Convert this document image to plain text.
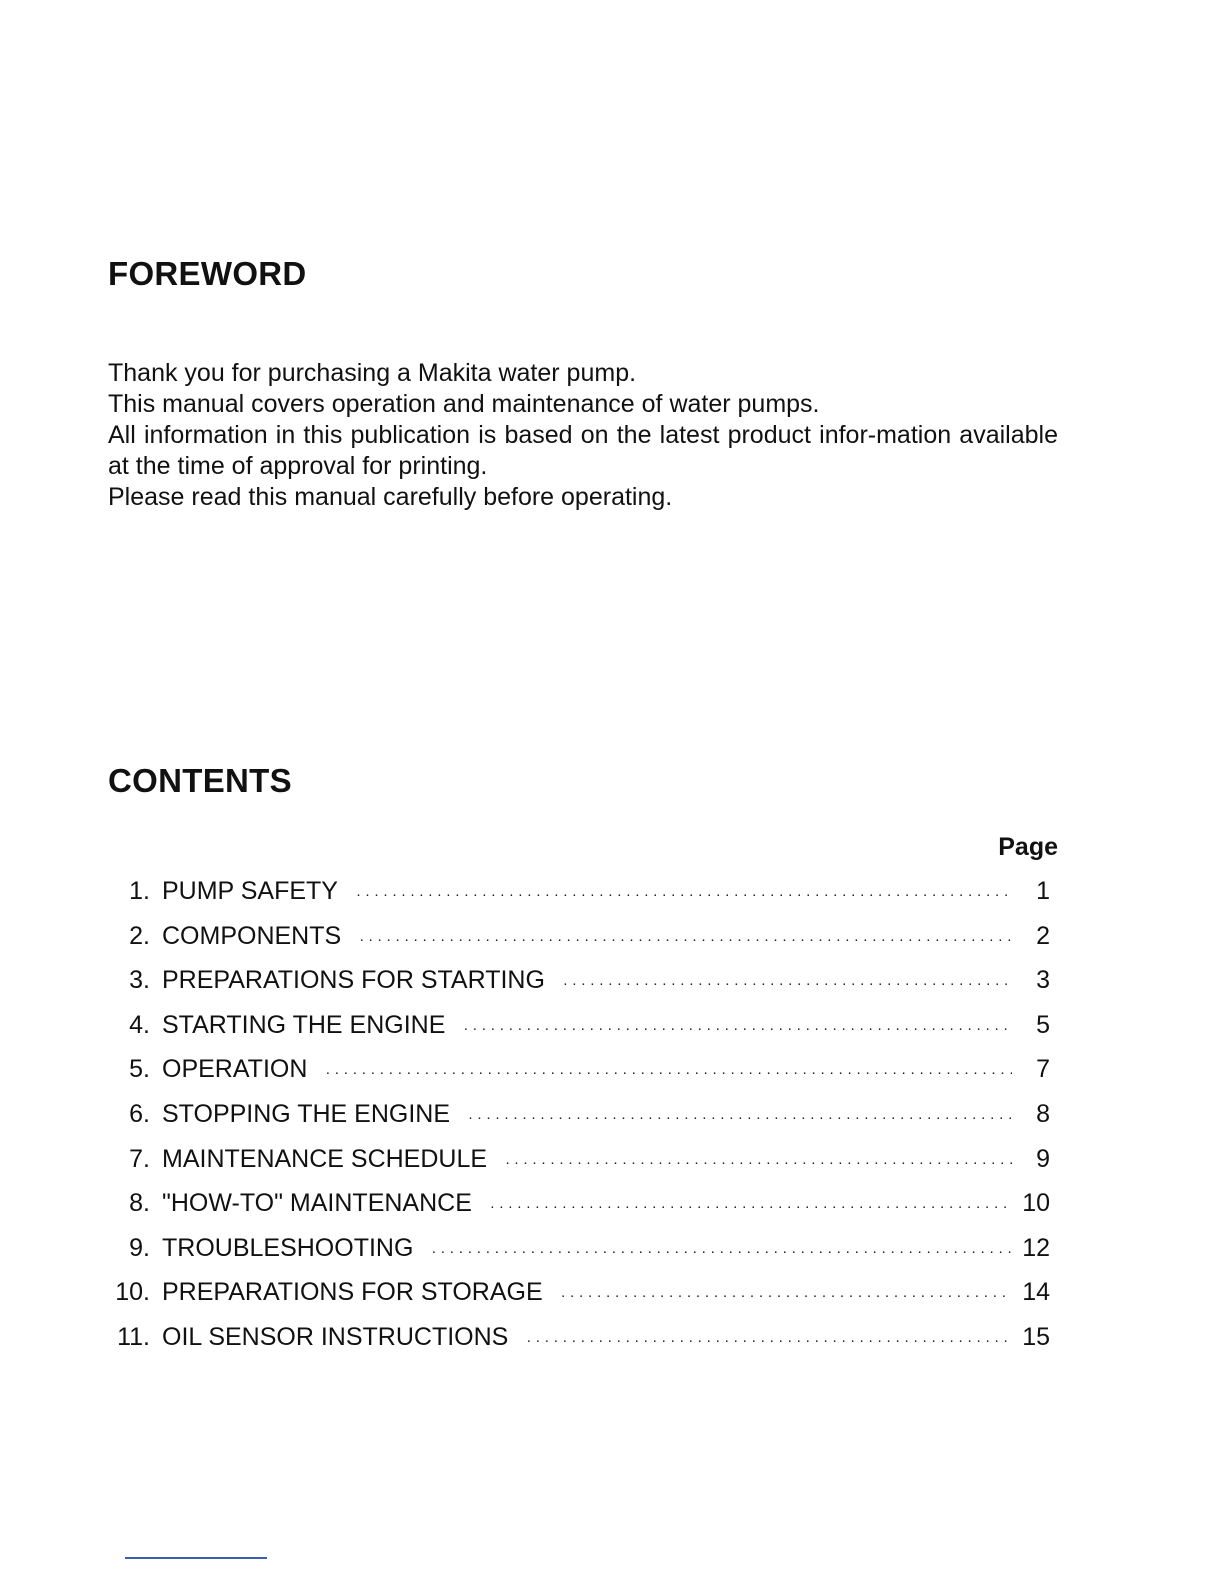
FOREWORD

Thank you for purchasing a Makita water pump.

This manual covers operation and maintenance of water pumps.

All information in this publication is based on the latest product infor-mation available at the time of approval for printing.

Please read this manual carefully before operating.

CONTENTS
Page
1. PUMP SAFETY ·····	1
2. COMPONENTS ·····	2
3. PREPARATIONS FOR STARTING ·····	3
4. STARTING THE ENGINE ·····	5
5. OPERATION ·····	7
6. STOPPING THE ENGINE ·····	8
7. MAINTENANCE SCHEDULE ·····	9
8. "HOW-TO" MAINTENANCE ·····	10
9. TROUBLESHOOTING ·····	12
10. PREPARATIONS FOR STORAGE ·····	14
11. OIL SENSOR INSTRUCTIONS ·····	15
